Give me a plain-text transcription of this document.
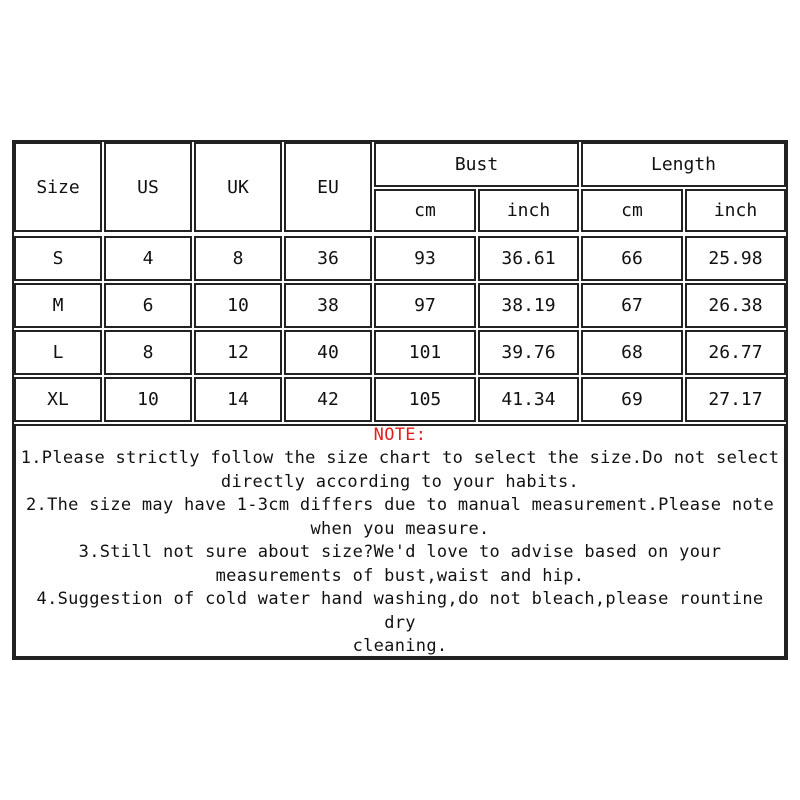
Size	US	UK	EU
Bust	Length
cm	inch	cm	inch
S	4	8	36	93	36.61	66	25.98
M	6	10	38	97	38.19	67	26.38
L	8	12	40	101	39.76	68	26.77
XL	10	14	42	105	41.34	69	27.17
NOTE:
1.Please strictly follow the size chart to select the size.Do not select
directly according to your habits.
2.The size may have 1-3cm differs due to manual measurement.Please note
when you measure.
3.Still not sure about size?We'd love to advise based on your
measurements of bust,waist and hip.
4.Suggestion of cold water hand washing,do not bleach,please rountine dry
cleaning.
